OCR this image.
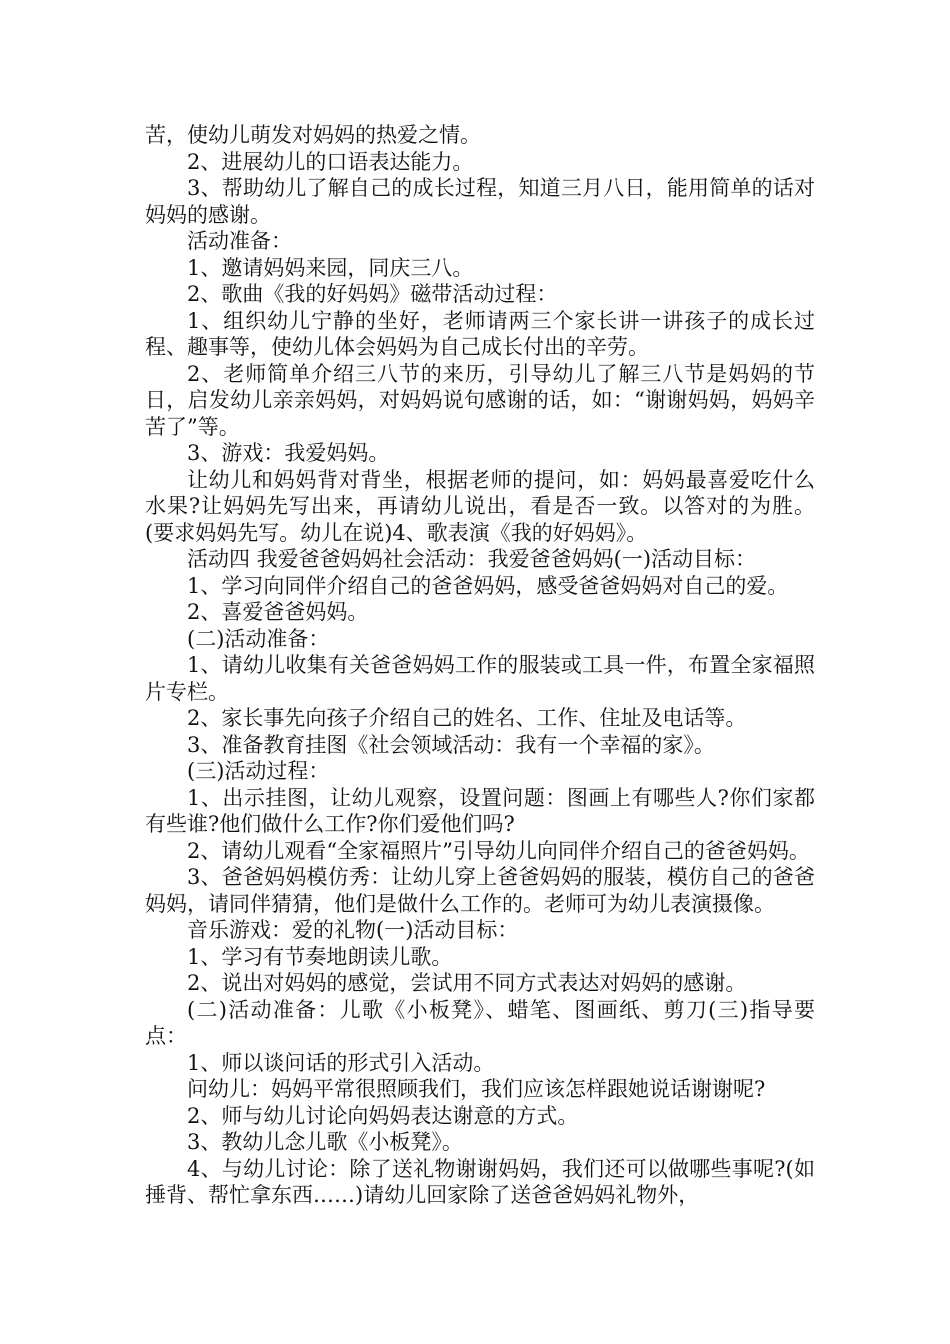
苦，使幼儿萌发对妈妈的热爱之情。

2、进展幼儿的口语表达能力。

3、帮助幼儿了解自己的成长过程，知道三月八日，能用简单的话对妈妈的感谢。

活动准备：

1、邀请妈妈来园，同庆三八。

2、歌曲《我的好妈妈》磁带活动过程：

1、组织幼儿宁静的坐好，老师请两三个家长讲一讲孩子的成长过程、趣事等，使幼儿体会妈妈为自己成长付出的辛劳。

2、老师简单介绍三八节的来历，引导幼儿了解三八节是妈妈的节日，启发幼儿亲亲妈妈，对妈妈说句感谢的话，如：“谢谢妈妈，妈妈辛苦了”等。

3、游戏：我爱妈妈。

让幼儿和妈妈背对背坐，根据老师的提问，如：妈妈最喜爱吃什么水果?让妈妈先写出来，再请幼儿说出，看是否一致。以答对的为胜。(要求妈妈先写。幼儿在说)4、歌表演《我的好妈妈》。

活动四 我爱爸爸妈妈社会活动：我爱爸爸妈妈(一)活动目标：

1、学习向同伴介绍自己的爸爸妈妈，感受爸爸妈妈对自己的爱。

2、喜爱爸爸妈妈。

(二)活动准备：

1、请幼儿收集有关爸爸妈妈工作的服装或工具一件，布置全家福照片专栏。

2、家长事先向孩子介绍自己的姓名、工作、住址及电话等。

3、准备教育挂图《社会领域活动：我有一个幸福的家》。

(三)活动过程：

1、出示挂图，让幼儿观察，设置问题：图画上有哪些人?你们家都有些谁?他们做什么工作?你们爱他们吗?

2、请幼儿观看“全家福照片”引导幼儿向同伴介绍自己的爸爸妈妈。

3、爸爸妈妈模仿秀：让幼儿穿上爸爸妈妈的服装，模仿自己的爸爸妈妈，请同伴猜猜，他们是做什么工作的。老师可为幼儿表演摄像。

音乐游戏：爱的礼物(一)活动目标：

1、学习有节奏地朗读儿歌。

2、说出对妈妈的感觉，尝试用不同方式表达对妈妈的感谢。

(二)活动准备：儿歌《小板凳》、蜡笔、图画纸、剪刀(三)指导要点：

1、师以谈问话的形式引入活动。

问幼儿：妈妈平常很照顾我们，我们应该怎样跟她说话谢谢呢?

2、师与幼儿讨论向妈妈表达谢意的方式。

3、教幼儿念儿歌《小板凳》。

4、与幼儿讨论：除了送礼物谢谢妈妈，我们还可以做哪些事呢?(如捶背、帮忙拿东西……)请幼儿回家除了送爸爸妈妈礼物外，
